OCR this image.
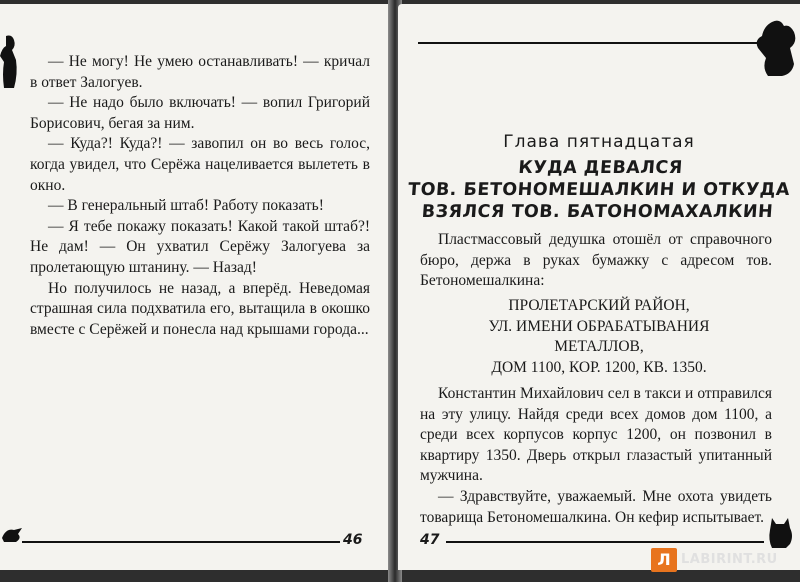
— Не могу! Не умею останавливать! — кричал в ответ Залогуев.

— Не надо было включать! — вопил Григорий Борисович, бегая за ним.

— Куда?! Куда?! — завопил он во весь голос, когда увидел, что Серёжа нацеливается вылететь в окно.

— В генеральный штаб! Работу показать!

— Я тебе покажу показать! Какой такой штаб?! Не дам! — Он ухватил Серёжу Залогуева за пролетающую штанину. — Назад!

Но получилось не назад, а вперёд. Неведомая страшная сила подхватила его, вытащила в окошко вместе с Серёжей и понесла над крышами города...

46
Глава пятнадцатая
КУДА ДЕВАЛСЯ
ТОВ. БЕТОНОМЕШАЛКИН И ОТКУДА
ВЗЯЛСЯ ТОВ. БАТОНОМАХАЛКИН

Пластмассовый дедушка отошёл от справочного бюро, держа в руках бумажку с адресом тов. Бетономешалкина:

ПРОЛЕТАРСКИЙ РАЙОН,
УЛ. ИМЕНИ ОБРАБАТЫВАНИЯ
МЕТАЛЛОВ,
ДОМ 1100, КОР. 1200, КВ. 1350.

Константин Михайлович сел в такси и отправился на эту улицу. Найдя среди всех домов дом 1100, а среди всех корпусов корпус 1200, он позвонил в квартиру 1350. Дверь открыл глазастый упитанный мужчина.

— Здравствуйте, уважаемый. Мне охота увидеть товарища Бетономешалкина. Он кефир испытывает.

47
Л LABIRINT.RU
